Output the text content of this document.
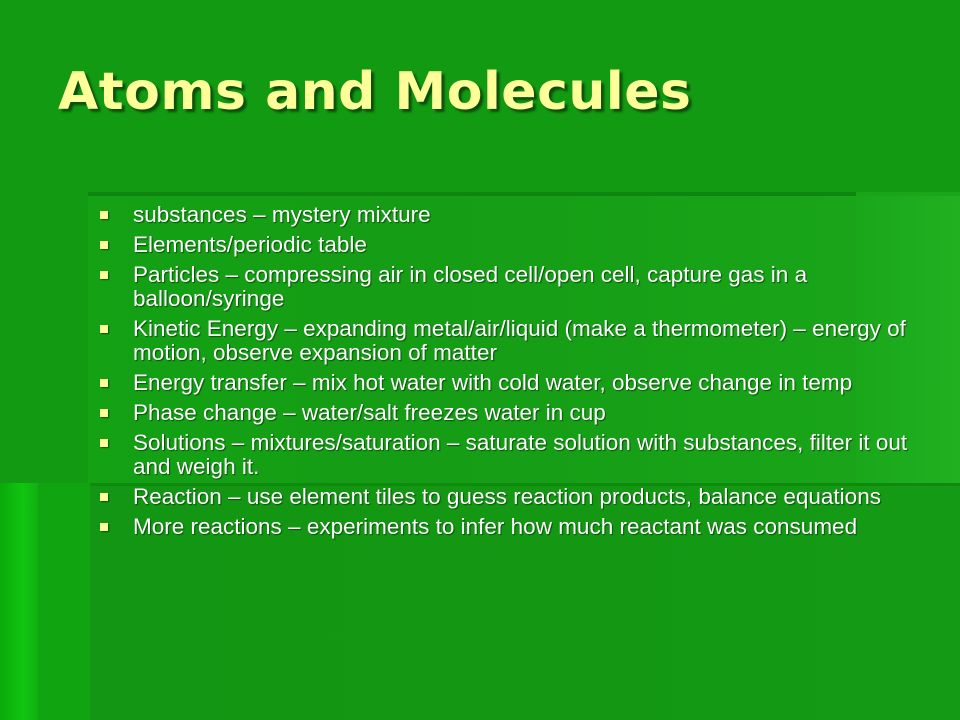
Atoms and Molecules
substances – mystery mixture
Elements/periodic table
Particles – compressing air in closed cell/open cell, capture gas in a balloon/syringe
Kinetic Energy – expanding metal/air/liquid (make a thermometer) – energy of motion, observe expansion of matter
Energy transfer – mix hot water with cold water, observe change in temp
Phase change – water/salt freezes water in cup
Solutions – mixtures/saturation – saturate solution with substances, filter it out and weigh it.
Reaction – use element tiles to guess reaction products, balance equations
More reactions – experiments to infer how much reactant was consumed
